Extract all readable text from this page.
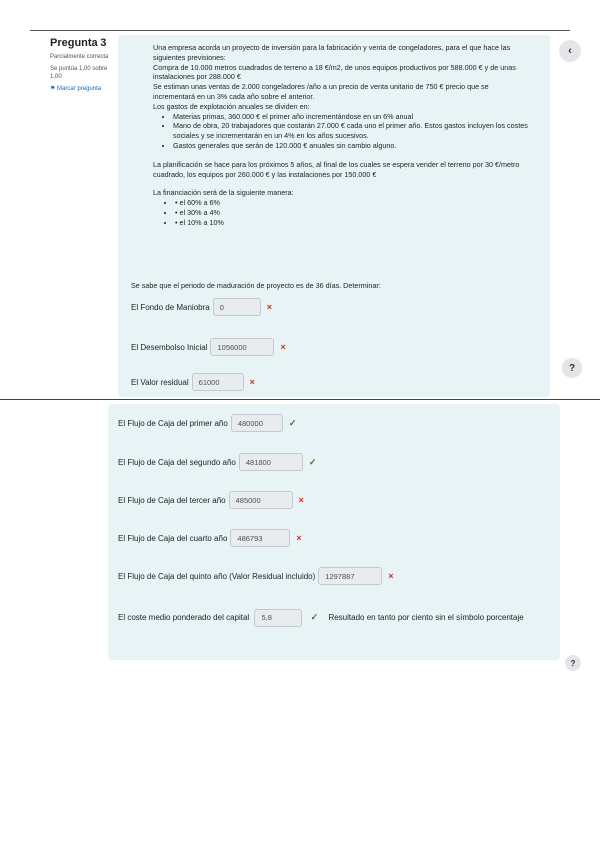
Pregunta 3
Parcialmente correcta
Se puntúa 1,00 sobre 1,00
⚑ Marcar pregunta

Una empresa acorda un proyecto de inversión para la fabricación y venta de congeladores, para el que hace las siguientes previsiones:

Compra de 10.000 metros cuadrados de terreno a 18 €/m2, de unos equipos productivos por 588.000 € y de unas instalaciones por 288.000 €

Se estiman unas ventas de 2.000 congeladores /año a un precio de venta unitario de 750 € precio que se incrementará en un 3% cada año sobre el anterior.

Los gastos de explotación anuales se dividen en:

• Materias primas, 360.000 € el primer año incrementándose en un 6% anual
• Mano de obra, 20 trabajadores que costarán 27.000 € cada uno el primer año. Estos gastos incluyen los costes sociales y se incrementarán en un 4% en los años sucesivos.
• Gastos generales que serán de 120.000 € anuales sin cambio alguno.

La planificación se hace para los próximos 5 años, al final de los cuales se espera vender el terreno por 30 €/metro cuadrado, los equipos por 260.000 € y las instalaciones por 150.000 €

La financiación será de la siguiente manera:

• • el 60% a 6%
• • el 30% a 4%
• • el 10% a 10%
Se sabe que el periodo de maduración de proyecto es de 36 días. Determinar:
El Fondo de Maniobra
0	×
El Desembolso Inicial
1056000	×
El Valor residual
61000	×
‹
?
El Flujo de Caja del primer año
480000	✓
El Flujo de Caja del segundo año
481800	✓
El Flujo de Caja del tercer año
485000	×
El Flujo de Caja del cuarto año
486793	×
El Flujo de Caja del quinto año (Valor Residual incluido)
1297887	×
El coste medio ponderado del capital 5,8	✓ Resultado en tanto por ciento sin el símbolo porcentaje
?
